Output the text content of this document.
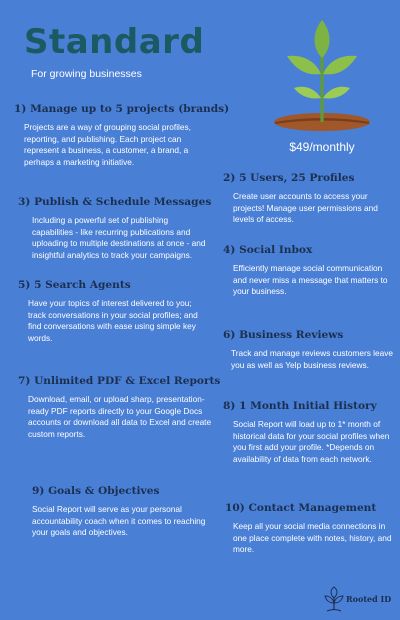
Standard
For growing businesses
$49/monthly
1) Manage up to 5 projects (brands)

Projects are a way of grouping social profiles, reporting, and publishing. Each project can represent a business, a customer, a brand, a perhaps a marketing initiative.

2) 5 Users, 25 Profiles

Create user accounts to access your projects! Manage user permissions and levels of access.

3) Publish & Schedule Messages

Including a powerful set of publishing capabilities - like recurring publications and uploading to multiple destinations at once - and insightful analytics to track your campaigns.	4) Social Inbox

Efficiently manage social communication and never miss a message that matters to your business.

5) 5 Search Agents

Have your topics of interest delivered to you; track conversations in your social profiles; and find conversations with ease using simple key words.	6) Business Reviews

Track and manage reviews customers leave you as well as Yelp business reviews.

7) Unlimited PDF & Excel Reports

Download, email, or upload sharp, presentation-ready PDF reports directly to your Google Docs accounts or download all data to Excel and create custom reports.

8) 1 Month Initial History

Social Report will load up to 1* month of historical data for your social profiles when you first add your profile. *Depends on availability of data from each network.

9) Goals & Objectives

Social Report will serve as your personal accountability coach when it comes to reaching your goals and objectives.

10) Contact Management

Keep all your social media connections in one place complete with notes, history, and more.

Rooted ID
